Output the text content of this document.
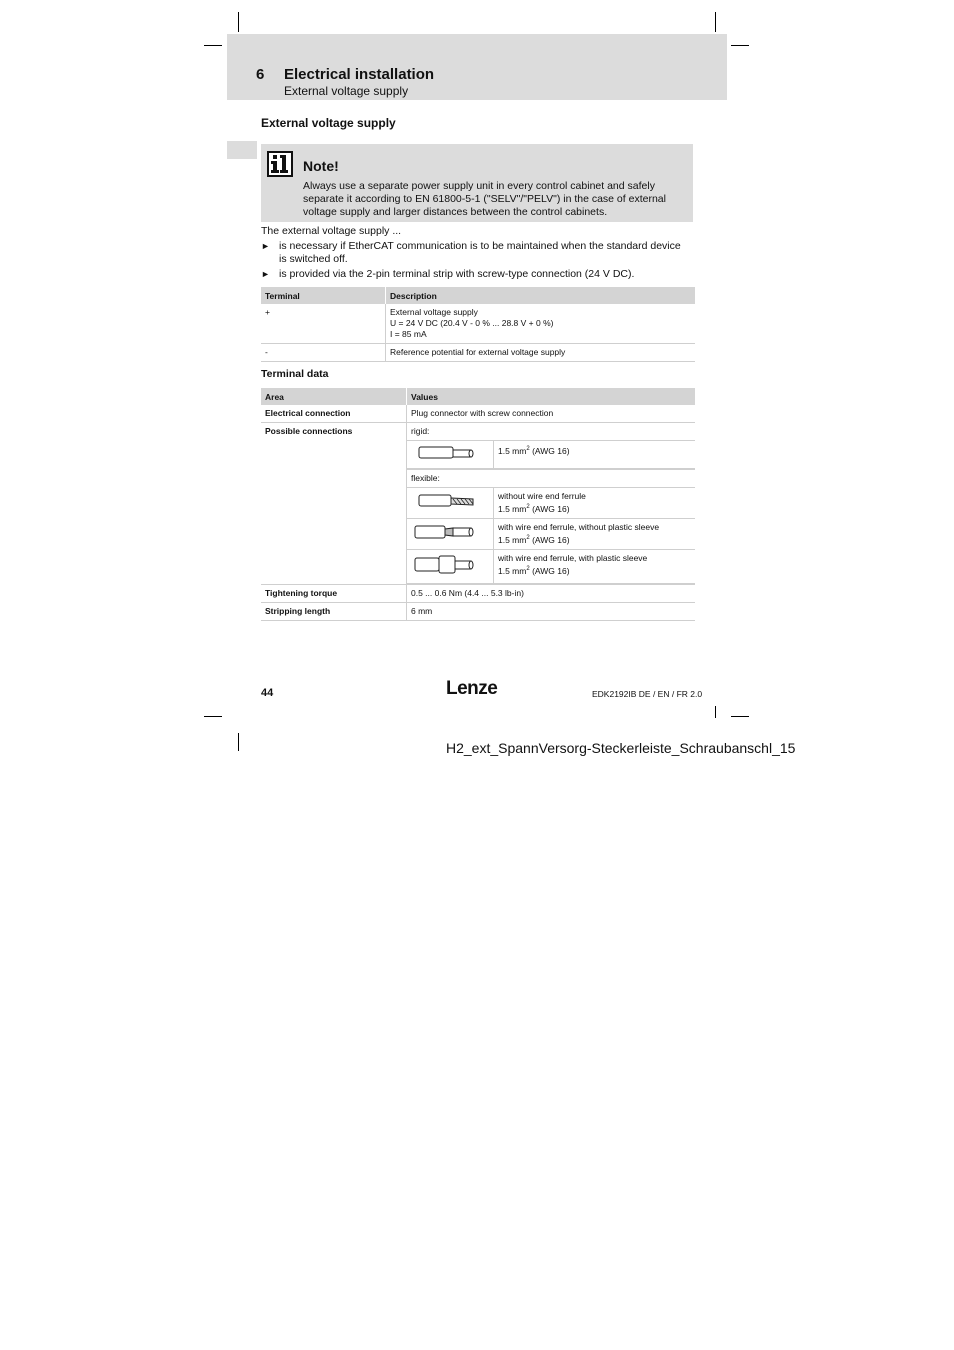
6 Electrical installation
External voltage supply
External voltage supply
Note!
Always use a separate power supply unit in every control cabinet and safely separate it according to EN 61800-5-1 ("SELV"/"PELV") in the case of external voltage supply and larger distances between the control cabinets.
The external voltage supply ...
► is necessary if EtherCAT communication is to be maintained when the standard device is switched off.
► is provided via the 2-pin terminal strip with screw-type connection (24 V DC).
Terminal	Description
+	External voltage supply
U = 24 V DC (20.4 V - 0 % ... 28.8 V + 0 %)
I = 85 mA

-	Reference potential for external voltage supply
Terminal data
Area	Values
Electrical connection	Plug connector with screw connection
Possible connections	rigid:
	1.5 $mm^2$ (AWG 16)
flexible:

without wire end ferrule
1.5 $mm^2$ (AWG 16)

with wire end ferrule, without plastic sleeve
1.5 $mm^2$ (AWG 16)

with wire end ferrule, with plastic sleeve
1.5 $mm^2$ (AWG 16)

Tightening torque	0.5 ... 0.6 Nm (4.4 ... 5.3 lb-in)
Stripping length	6 mm
44	Lenze	EDK2192IB DE / EN / FR 2.0
H2_ext_SpannVersorg-Steckerleiste_Schraubanschl_15
